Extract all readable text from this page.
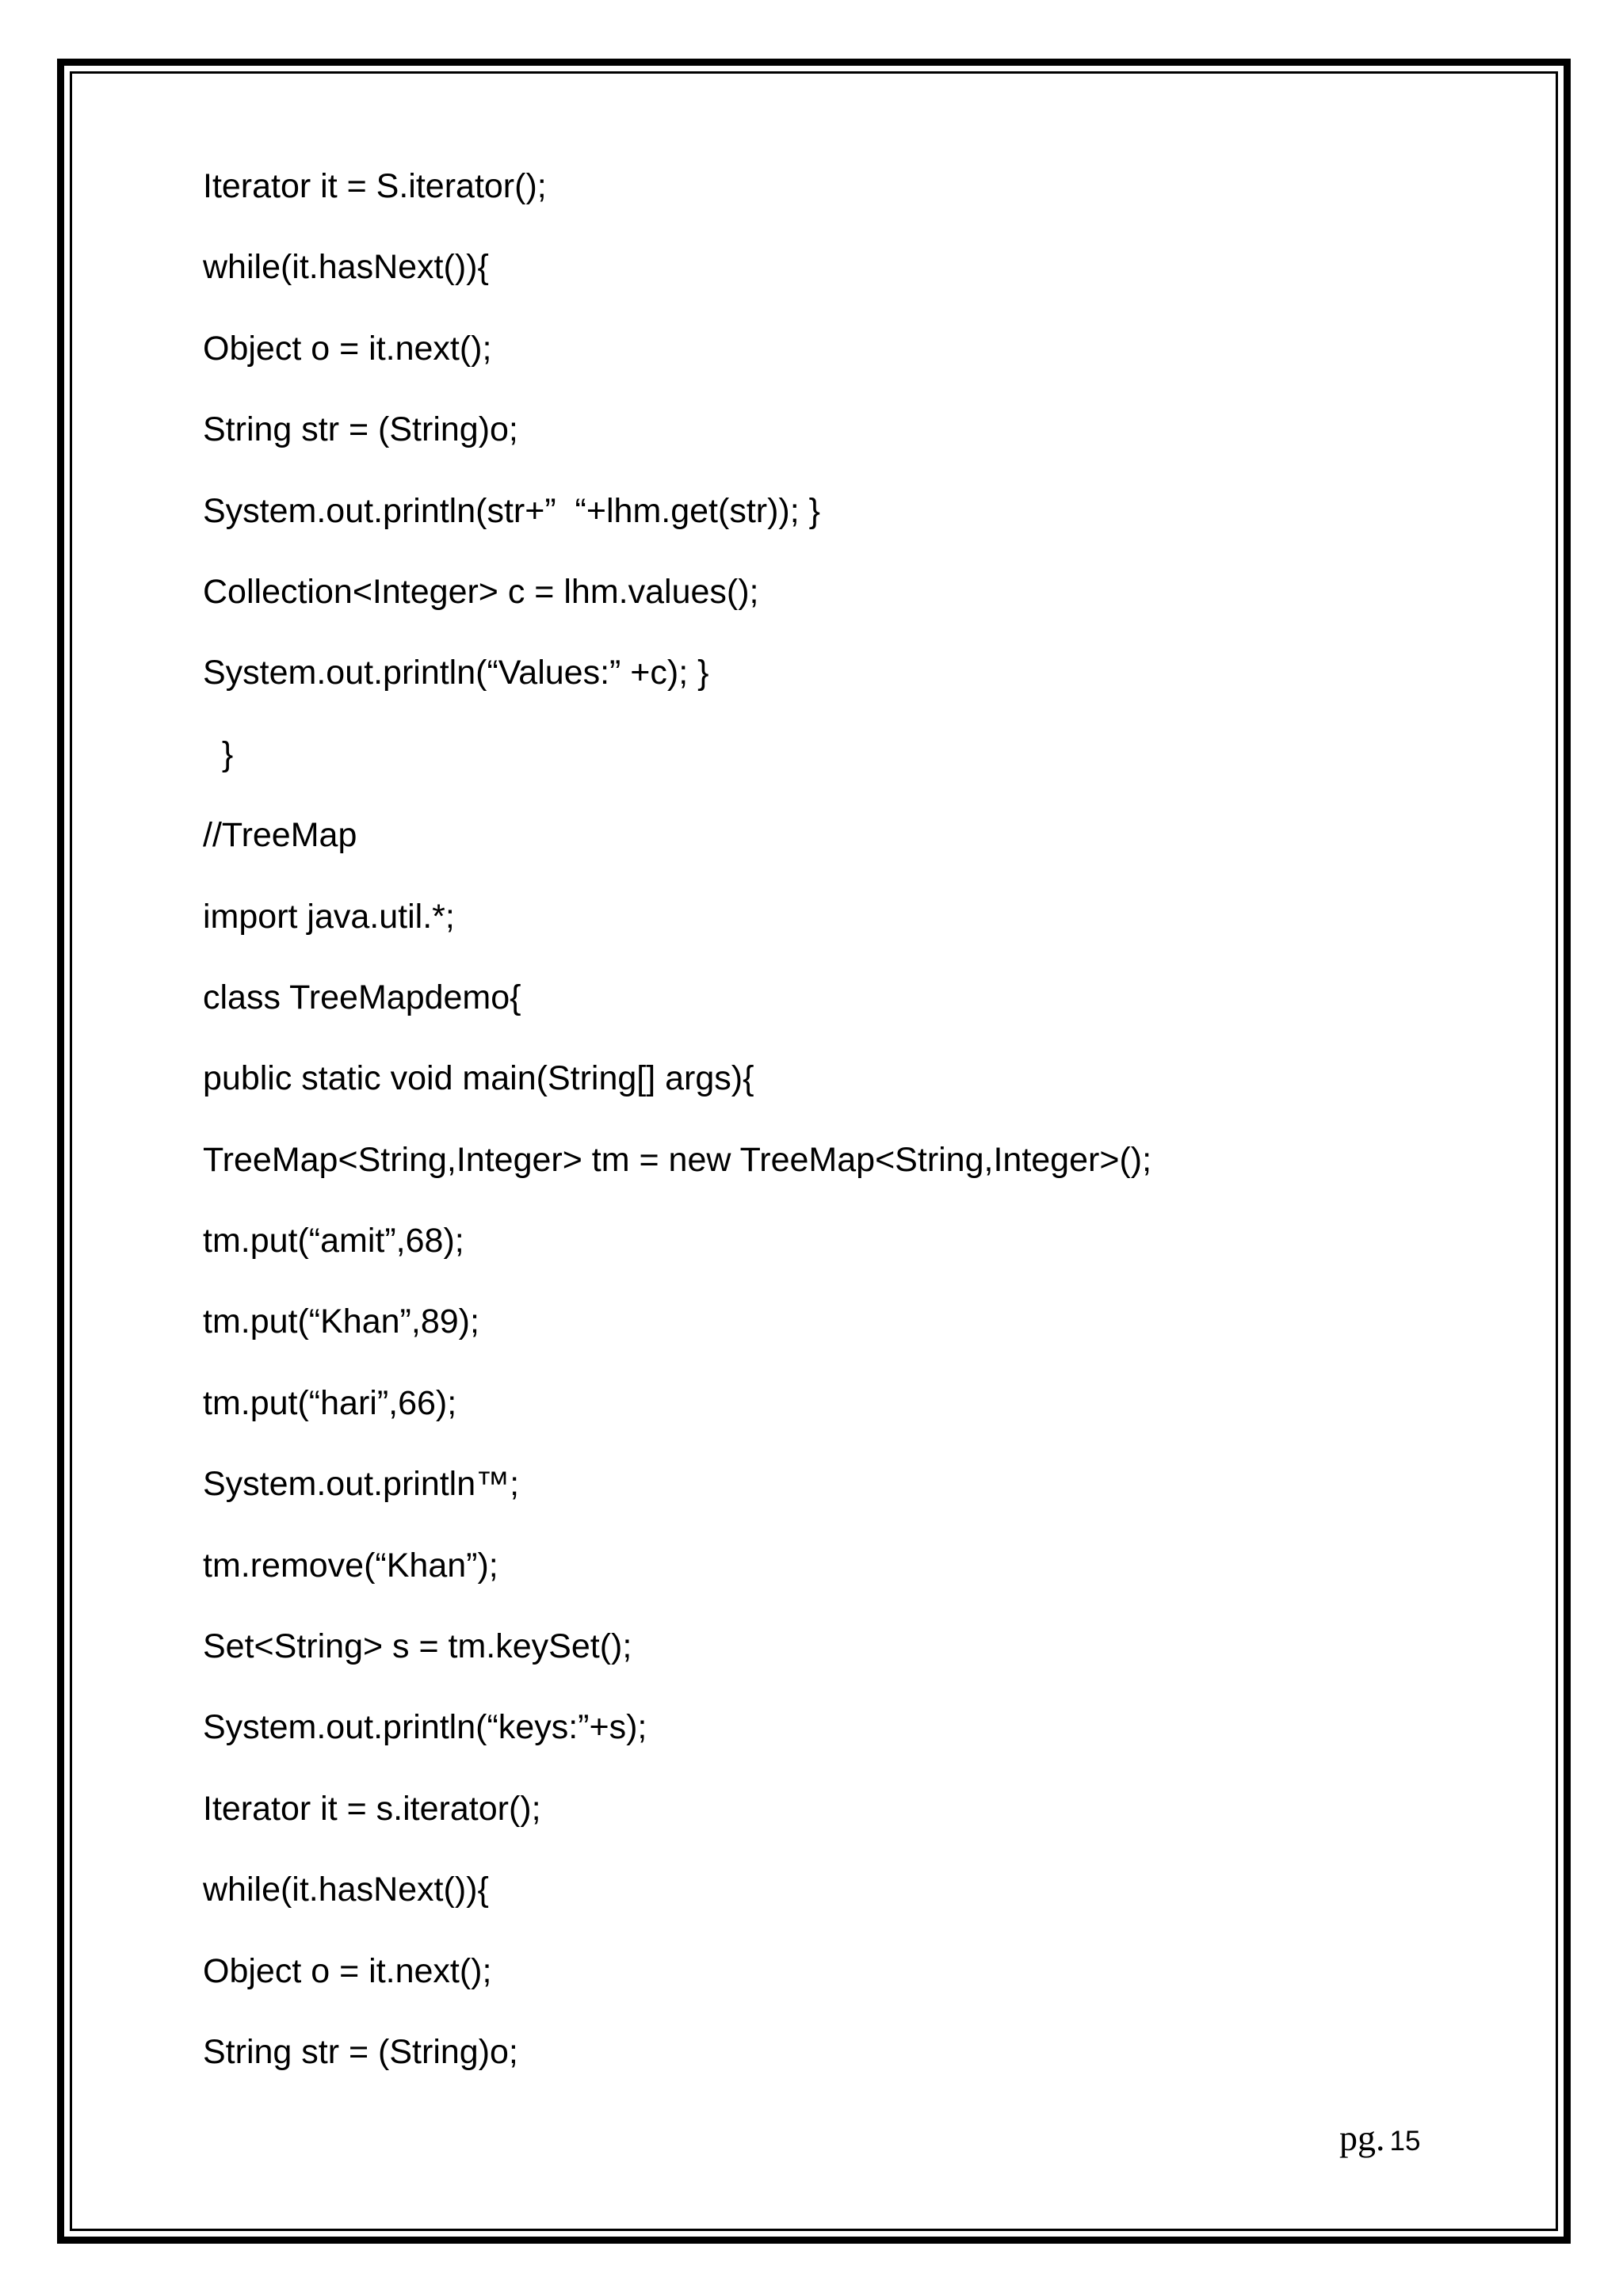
Iterator it = S.iterator();
while(it.hasNext()){
Object o = it.next();
String str = (String)o;
System.out.println(str+”  “+lhm.get(str)); }
Collection<Integer> c = lhm.values();
System.out.println(“Values:” +c); }
}
//TreeMap
import java.util.*;
class TreeMapdemo{
public static void main(String[] args){
TreeMap<String,Integer> tm = new TreeMap<String,Integer>();
tm.put(“amit”,68);
tm.put(“Khan”,89);
tm.put(“hari”,66);
System.out.println™;
tm.remove(“Khan”);
Set<String> s = tm.keySet();
System.out.println(“keys:”+s);
Iterator it = s.iterator();
while(it.hasNext()){
Object o = it.next();
String str = (String)o;
pg. 15
